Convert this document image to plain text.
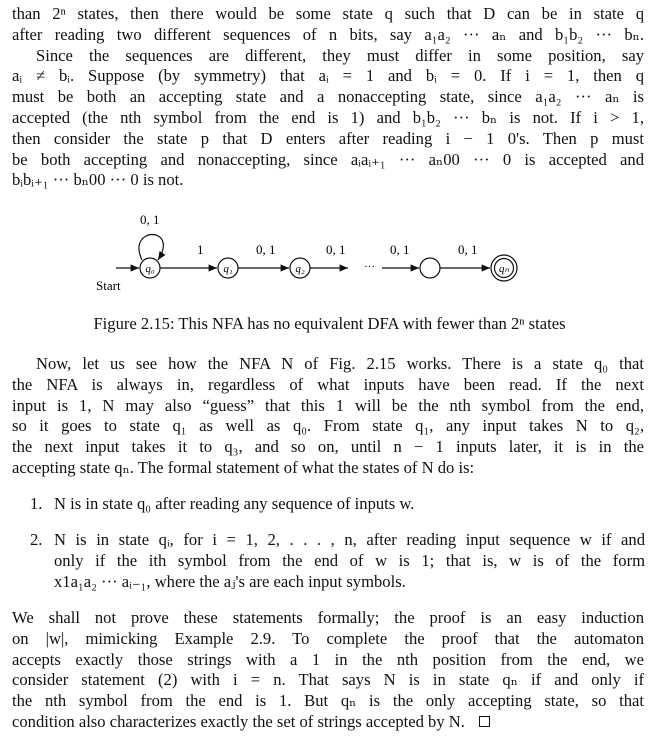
than 2ⁿ states, then there would be some state q such that D can be in state q
after reading two different sequences of n bits, say a₁a₂ ··· aₙ and b₁b₂ ··· bₙ.
Since the sequences are different, they must differ in some position, say
aᵢ ≠ bᵢ. Suppose (by symmetry) that aᵢ = 1 and bᵢ = 0. If i = 1, then q
must be both an accepting state and a nonaccepting state, since a₁a₂ ··· aₙ is
accepted (the nth symbol from the end is 1) and b₁b₂ ··· bₙ is not. If i > 1,
then consider the state p that D enters after reading i − 1 0's. Then p must
be both accepting and nonaccepting, since aᵢaᵢ₊₁ ··· aₙ00 ··· 0 is accepted and
bᵢbᵢ₊₁ ··· bₙ00 ··· 0 is not.
0, 1
Start
q₀	q₁	q₂	qₙ
1	0, 1	0, 1
···
0, 1	0, 1
Figure 2.15: This NFA has no equivalent DFA with fewer than 2ⁿ states
Now, let us see how the NFA N of Fig. 2.15 works. There is a state q₀ that
the NFA is always in, regardless of what inputs have been read. If the next
input is 1, N may also “guess” that this 1 will be the nth symbol from the end,
so it goes to state q₁ as well as q₀. From state q₁, any input takes N to q₂,
the next input takes it to q₃, and so on, until n − 1 inputs later, it is in the
accepting state qₙ. The formal statement of what the states of N do is:
1. N is in state q₀ after reading any sequence of inputs w.
2. N is in state qᵢ, for i = 1, 2, . . . , n, after reading input sequence w if and
only if the ith symbol from the end of w is 1; that is, w is of the form
x1a₁a₂ ··· aᵢ₋₁, where the aⱼ's are each input symbols.
We shall not prove these statements formally; the proof is an easy induction
on |w|, mimicking Example 2.9. To complete the proof that the automaton
accepts exactly those strings with a 1 in the nth position from the end, we
consider statement (2) with i = n. That says N is in state qₙ if and only if
the nth symbol from the end is 1. But qₙ is the only accepting state, so that
condition also characterizes exactly the set of strings accepted by N.
